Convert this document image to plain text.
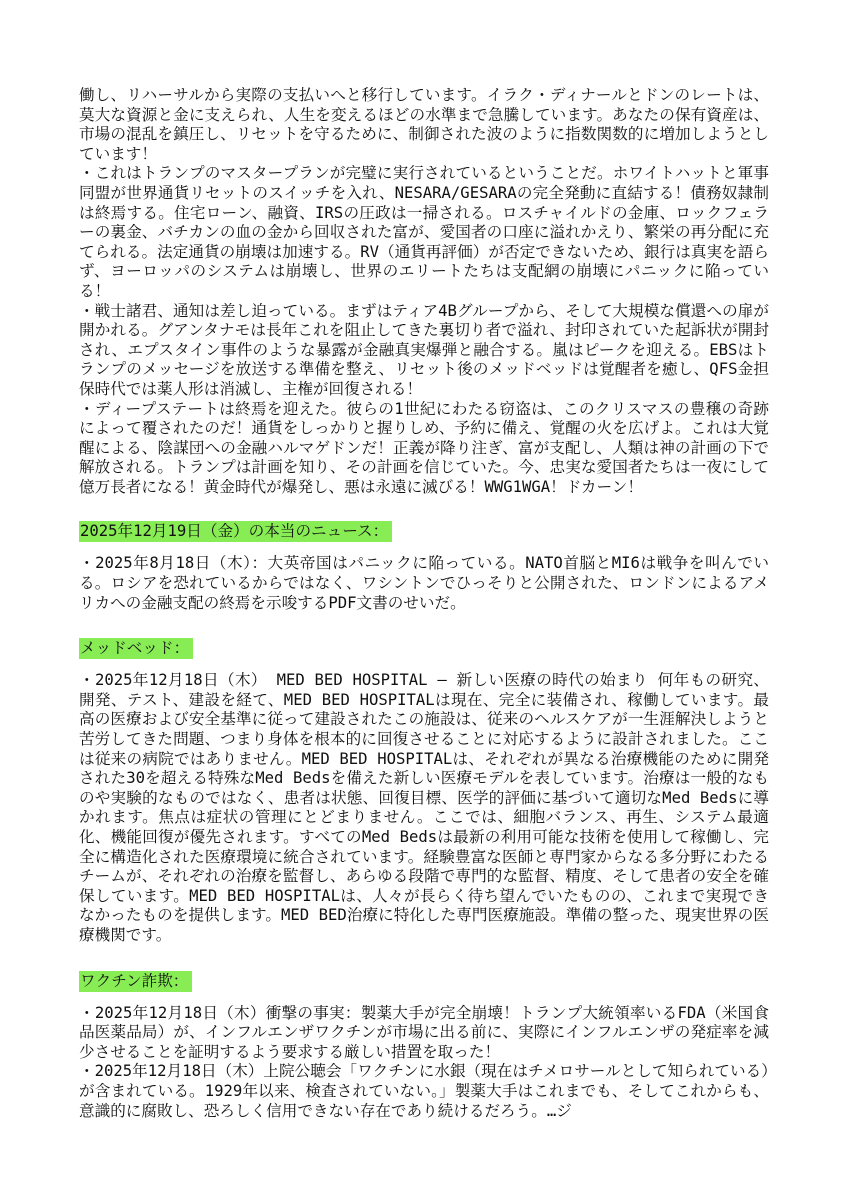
働し、リハーサルから実際の支払いへと移行しています。イラク・ディナールとドンのレートは、莫大な資源と金に支えられ、人生を変えるほどの水準まで急騰しています。あなたの保有資産は、市場の混乱を鎮圧し、リセットを守るために、制御された波のように指数関数的に増加しようとしています！

・これはトランプのマスタープランが完璧に実行されているということだ。ホワイトハットと軍事同盟が世界通貨リセットのスイッチを入れ、NESARA/GESARAの完全発動に直結する！債務奴隷制は終焉する。住宅ローン、融資、IRSの圧政は一掃される。ロスチャイルドの金庫、ロックフェラーの裏金、バチカンの血の金から回収された富が、愛国者の口座に溢れかえり、繁栄の再分配に充てられる。法定通貨の崩壊は加速する。RV（通貨再評価）が否定できないため、銀行は真実を語らず、ヨーロッパのシステムは崩壊し、世界のエリートたちは支配網の崩壊にパニックに陥っている！

・戦士諸君、通知は差し迫っている。まずはティア4Bグループから、そして大規模な償還への扉が開かれる。グアンタナモは長年これを阻止してきた裏切り者で溢れ、封印されていた起訴状が開封され、エプスタイン事件のような暴露が金融真実爆弾と融合する。嵐はピークを迎える。EBSはトランプのメッセージを放送する準備を整え、リセット後のメッドベッドは覚醒者を癒し、QFS金担保時代では薬人形は消滅し、主権が回復される！

・ディープステートは終焉を迎えた。彼らの1世紀にわたる窃盗は、このクリスマスの豊穣の奇跡によって覆されたのだ！通貨をしっかりと握りしめ、予約に備え、覚醒の火を広げよ。これは大覚醒による、陰謀団への金融ハルマゲドンだ！正義が降り注ぎ、富が支配し、人類は神の計画の下で解放される。トランプは計画を知り、その計画を信じていた。今、忠実な愛国者たちは一夜にして億万長者になる！黄金時代が爆発し、悪は永遠に滅びる！WWG1WGA！ドカーン！

2025年12月19日（金）の本当のニュース：

・2025年8月18日（木）：大英帝国はパニックに陥っている。NATO首脳とMI6は戦争を叫んでいる。ロシアを恐れているからではなく、ワシントンでひっそりと公開された、ロンドンによるアメリカへの金融支配の終焉を示唆するPDF文書のせいだ。

メッドベッド：

・2025年12月18日（木） MED BED HOSPITAL – 新しい医療の時代の始まり 何年もの研究、開発、テスト、建設を経て、MED BED HOSPITALは現在、完全に装備され、稼働しています。最高の医療および安全基準に従って建設されたこの施設は、従来のヘルスケアが一生涯解決しようと苦労してきた問題、つまり身体を根本的に回復させることに対応するように設計されました。ここは従来の病院ではありません。MED BED HOSPITALは、それぞれが異なる治療機能のために開発された30を超える特殊なMed Bedsを備えた新しい医療モデルを表しています。治療は一般的なものや実験的なものではなく、患者は状態、回復目標、医学的評価に基づいて適切なMed Bedsに導かれます。焦点は症状の管理にとどまりません。ここでは、細胞バランス、再生、システム最適化、機能回復が優先されます。すべてのMed Bedsは最新の利用可能な技術を使用して稼働し、完全に構造化された医療環境に統合されています。経験豊富な医師と専門家からなる多分野にわたるチームが、それぞれの治療を監督し、あらゆる段階で専門的な監督、精度、そして患者の安全を確保しています。MED BED HOSPITALは、人々が長らく待ち望んでいたものの、これまで実現できなかったものを提供します。MED BED治療に特化した専門医療施設。準備の整った、現実世界の医療機関です。

ワクチン詐欺：

・2025年12月18日（木）衝撃の事実：製薬大手が完全崩壊！トランプ大統領率いるFDA（米国食品医薬品局）が、インフルエンザワクチンが市場に出る前に、実際にインフルエンザの発症率を減少させることを証明するよう要求する厳しい措置を取った！

・2025年12月18日（木）上院公聴会「ワクチンに水銀（現在はチメロサールとして知られている）が含まれている。1929年以来、検査されていない。」製薬大手はこれまでも、そしてこれからも、意識的に腐敗し、恐ろしく信用できない存在であり続けるだろう。…ジ
